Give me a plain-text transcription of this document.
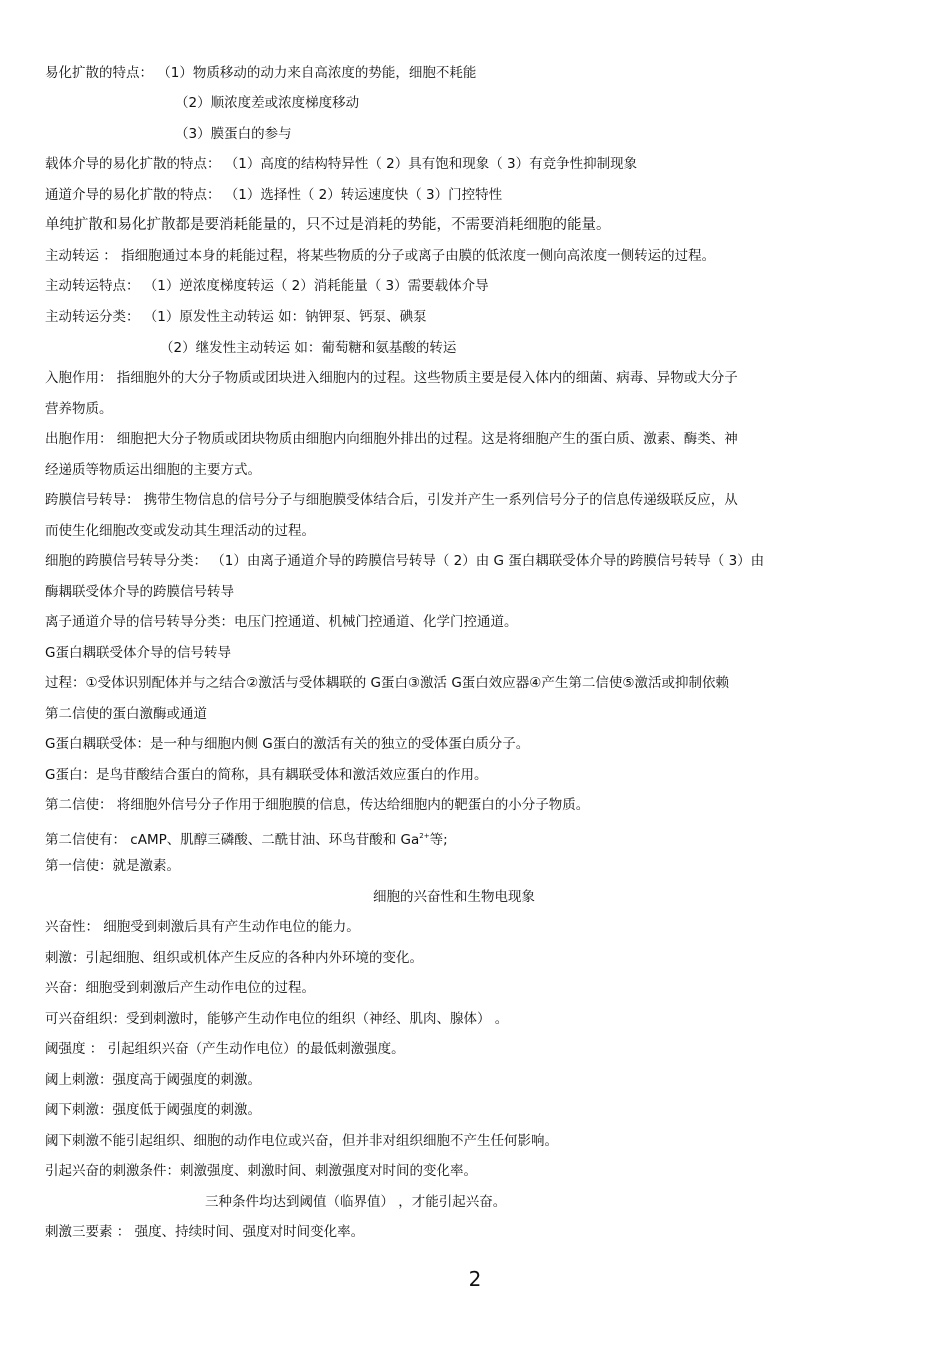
易化扩散的特点： （1）物质移动的动力来自高浓度的势能，细胞不耗能
（2）顺浓度差或浓度梯度移动
（3）膜蛋白的参与
载体介导的易化扩散的特点： （1）高度的结构特异性（ 2）具有饱和现象（ 3）有竞争性抑制现象
通道介导的易化扩散的特点： （1）选择性（ 2）转运速度快（ 3）门控特性
单纯扩散和易化扩散都是要消耗能量的，只不过是消耗的势能，不需要消耗细胞的能量。
主动转运 ： 指细胞通过本身的耗能过程，将某些物质的分子或离子由膜的低浓度一侧向高浓度一侧转运的过程。
主动转运特点： （1）逆浓度梯度转运（ 2）消耗能量（ 3）需要载体介导
主动转运分类： （1）原发性主动转运 如：钠钾泵、钙泵、碘泵
（2）继发性主动转运 如：葡萄糖和氨基酸的转运
入胞作用： 指细胞外的大分子物质或团块进入细胞内的过程。这些物质主要是侵入体内的细菌、病毒、异物或大分子
营养物质。
出胞作用： 细胞把大分子物质或团块物质由细胞内向细胞外排出的过程。这是将细胞产生的蛋白质、激素、酶类、神
经递质等物质运出细胞的主要方式。
跨膜信号转导： 携带生物信息的信号分子与细胞膜受体结合后，引发并产生一系列信号分子的信息传递级联反应，从
而使生化细胞改变或发动其生理活动的过程。
细胞的跨膜信号转导分类： （1）由离子通道介导的跨膜信号转导（ 2）由 G 蛋白耦联受体介导的跨膜信号转导（ 3）由
酶耦联受体介导的跨膜信号转导
离子通道介导的信号转导分类：电压门控通道、机械门控通道、化学门控通道。
G蛋白耦联受体介导的信号转导
过程：①受体识别配体并与之结合②激活与受体耦联的 G蛋白③激活 G蛋白效应器④产生第二信使⑤激活或抑制依赖
第二信使的蛋白激酶或通道
G蛋白耦联受体：是一种与细胞内侧 G蛋白的激活有关的独立的受体蛋白质分子。
G蛋白：是鸟苷酸结合蛋白的简称，具有耦联受体和激活效应蛋白的作用。
第二信使： 将细胞外信号分子作用于细胞膜的信息，传达给细胞内的靶蛋白的小分子物质。
第二信使有： cAMP、肌醇三磷酸、二酰甘油、环鸟苷酸和 $Ga^{2+}$等;
第一信使：就是激素。
细胞的兴奋性和生物电现象
兴奋性： 细胞受到刺激后具有产生动作电位的能力。
刺激：引起细胞、组织或机体产生反应的各种内外环境的变化。
兴奋：细胞受到刺激后产生动作电位的过程。
可兴奋组织：受到刺激时，能够产生动作电位的组织（神经、肌肉、腺体） 。
阈强度 ： 引起组织兴奋（产生动作电位）的最低刺激强度。
阈上刺激：强度高于阈强度的刺激。
阈下刺激：强度低于阈强度的刺激。
阈下刺激不能引起组织、细胞的动作电位或兴奋，但并非对组织细胞不产生任何影响。
引起兴奋的刺激条件：刺激强度、刺激时间、刺激强度对时间的变化率。
三种条件均达到阈值（临界值） ，才能引起兴奋。
刺激三要素 ： 强度、持续时间、强度对时间变化率。
2
